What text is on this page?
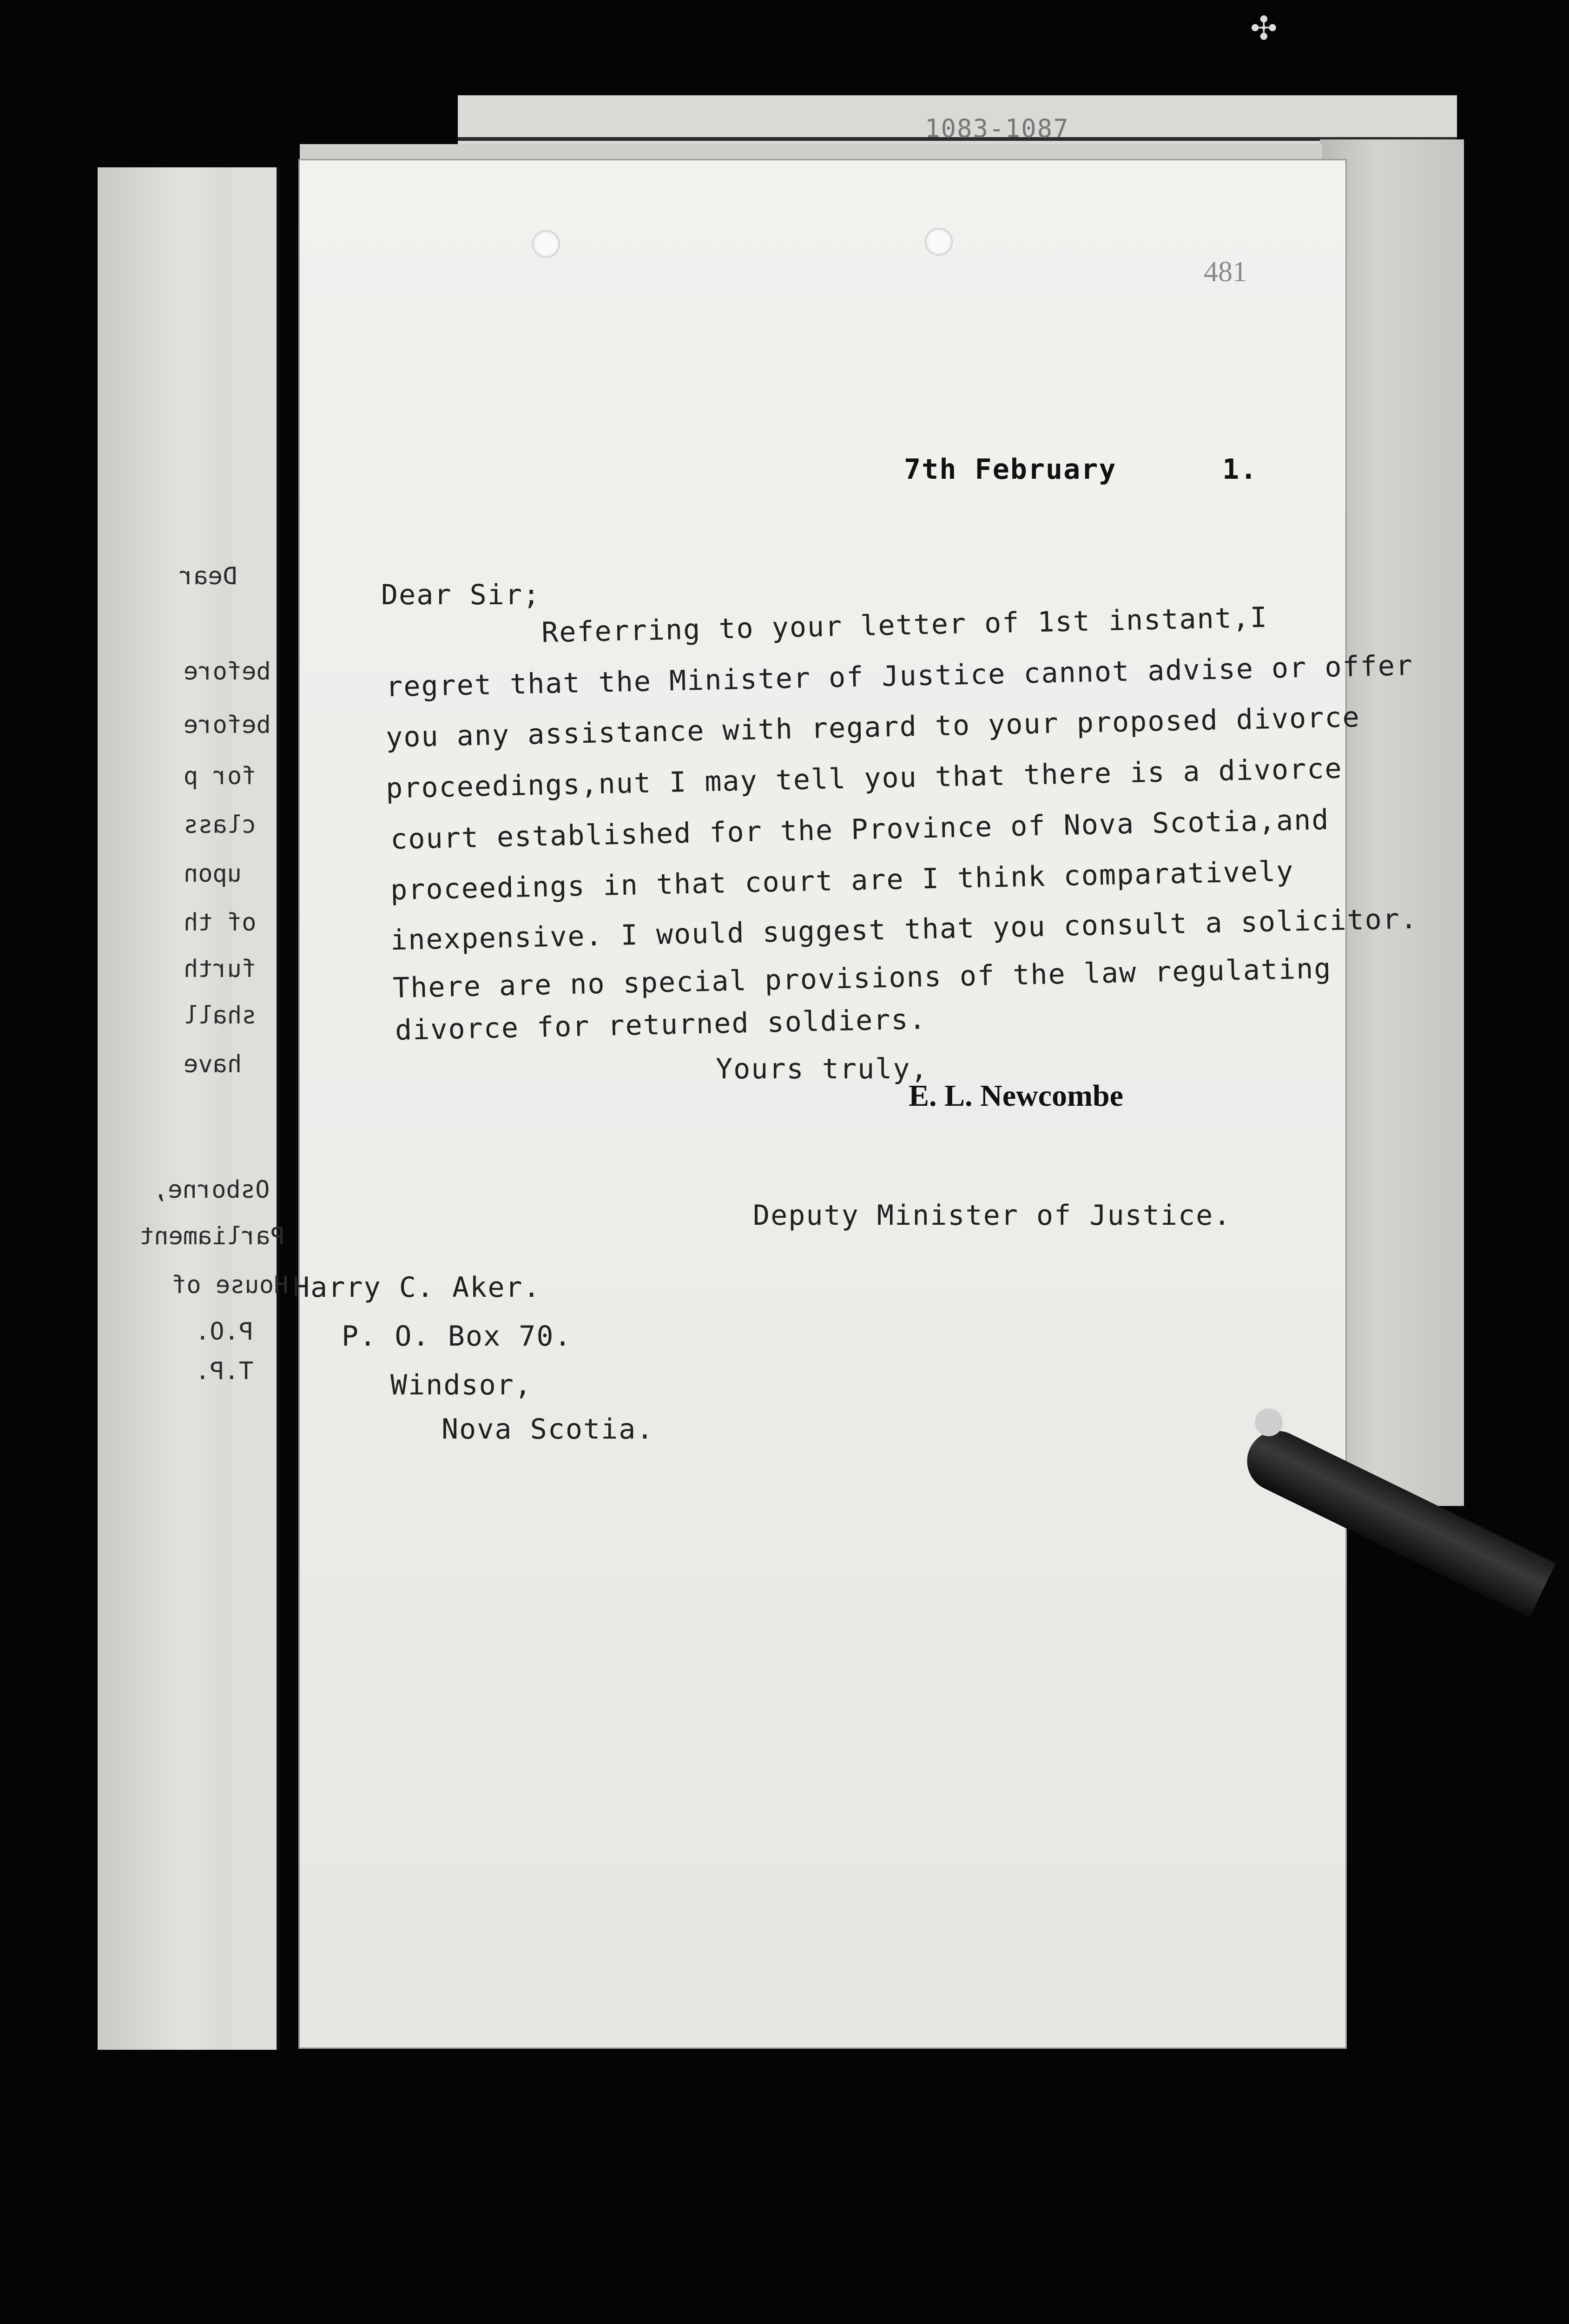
✣
1083-1087
Dear
before
before
for p
class
upon
of th
furth
shall
have
Osborne,
Parliament
House of
P.O.
T.P.
481
7th February	1.
Dear Sir;
Referring to your letter of 1st instant,I
regret that the Minister of Justice cannot advise or offer
you any assistance with regard to your proposed divorce
proceedings,nut I may tell you that there is a divorce
court established for the Province of Nova Scotia,and
proceedings in that court are I think comparatively
inexpensive. I would suggest that you consult a solicitor.
There are no special provisions of the law regulating
divorce for returned soldiers.
Yours truly,
E. L. Newcombe
Deputy Minister of Justice.
Harry C. Aker.
P. O. Box 70.
Windsor,
Nova Scotia.
